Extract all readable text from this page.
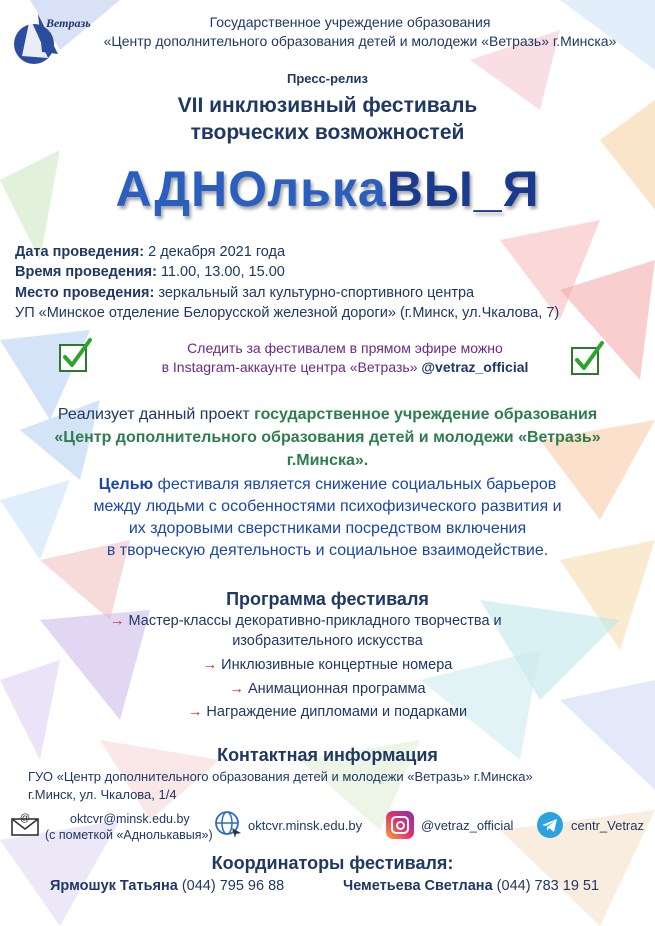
Ветразь	Государственное учреждение образования
«Центр дополнительного образования детей и молодежи «Ветразь» г.Минска»
Пресс-релиз
VII инклюзивный фестиваль
творческих возможностей
АДНОлькаВЫ_Я
Дата проведения: 2 декабря 2021 года
Время проведения: 11.00, 13.00, 15.00
Место проведения: зеркальный зал культурно-спортивного центра
УП «Минское отделение Белорусской железной дороги» (г.Минск, ул.Чкалова, 7)
Следить за фестивалем в прямом эфире можно
в Instagram-аккаунте центра «Ветразь» @vetraz_official
Реализует данный проект государственное учреждение образования
«Центр дополнительного образования детей и молодежи «Ветразь»
г.Минска».
Целью фестиваля является снижение социальных барьеров
между людьми с особенностями психофизического развития и
их здоровыми сверстниками посредством включения
в творческую деятельность и социальное взаимодействие.
Программа фестиваля
→ Мастер-классы декоративно-прикладного творчества и
изобразительного искусства
→ Инклюзивные концертные номера
→ Анимационная программа
→ Награждение дипломами и подарками
Контактная информация
ГУО «Центр дополнительного образования детей и молодежи «Ветразь» г.Минска»
г.Минск, ул. Чкалова, 1/4
@	oktcvr@minsk.edu.by
(с пометкой «Аднолькавыя»)
oktcvr.minsk.edu.by	@vetraz_official	centr_Vetraz
Координаторы фестиваля:
Ярмошук Татьяна (044) 795 96 88	Чеметьева Светлана (044) 783 19 51
